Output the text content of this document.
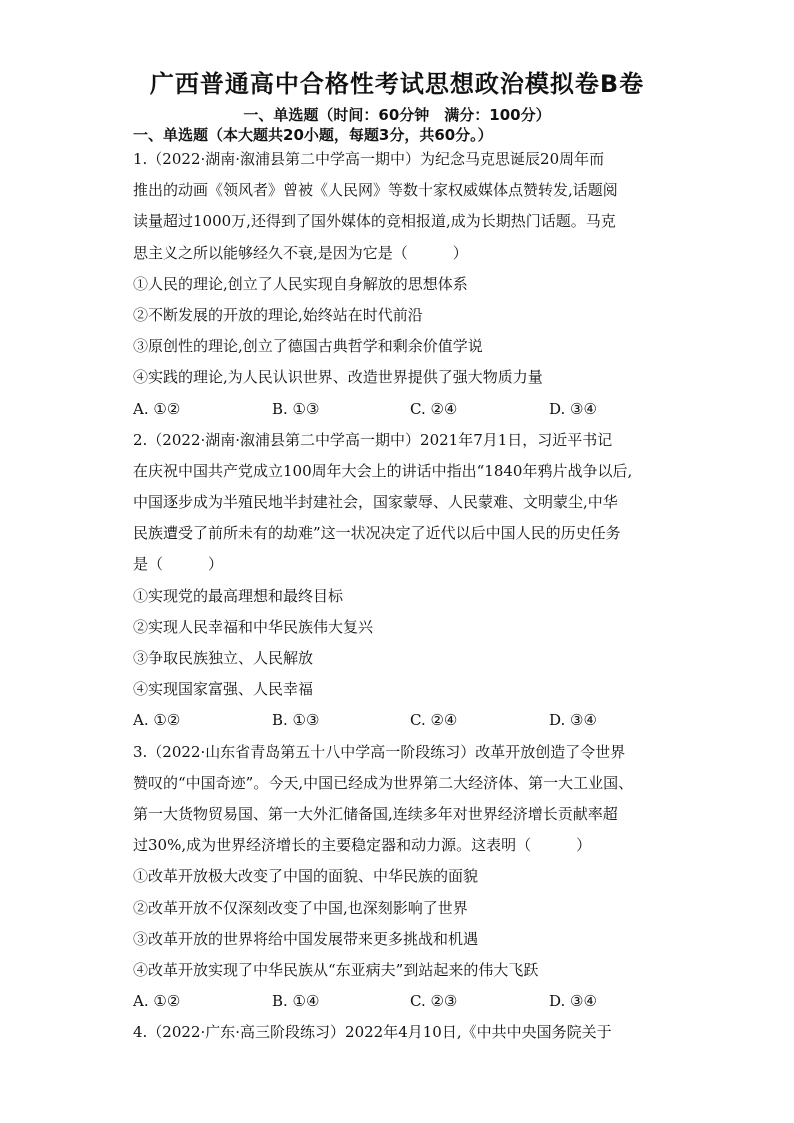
广西普通高中合格性考试思想政治模拟卷B卷
一、单选题（时间：60分钟　满分：100分）
一、单选题（本大题共20小题，每题3分，共60分。）
1.（2022·湖南·溆浦县第二中学高一期中）为纪念马克思诞辰20周年而
推出的动画《领风者》曾被《人民网》等数十家权威媒体点赞转发,话题阅
读量超过1000万,还得到了国外媒体的竞相报道,成为长期热门话题。马克
思主义之所以能够经久不衰,是因为它是（　　　）
①人民的理论,创立了人民实现自身解放的思想体系
②不断发展的开放的理论,始终站在时代前沿
③原创性的理论,创立了德国古典哲学和剩余价值学说
④实践的理论,为人民认识世界、改造世界提供了强大物质力量
A. ①②	B. ①③	C. ②④	D. ③④
2.（2022·湖南·溆浦县第二中学高一期中）2021年7月1日，习近平书记
在庆祝中国共产党成立100周年大会上的讲话中指出“1840年鸦片战争以后,
中国逐步成为半殖民地半封建社会，国家蒙辱、人民蒙难、文明蒙尘,中华
民族遭受了前所未有的劫难”这一状况决定了近代以后中国人民的历史任务
是（　　　）
①实现党的最高理想和最终目标
②实现人民幸福和中华民族伟大复兴
③争取民族独立、人民解放
④实现国家富强、人民幸福
A. ①②	B. ①③	C. ②④	D. ③④
3.（2022·山东省青岛第五十八中学高一阶段练习）改革开放创造了令世界
赞叹的“中国奇迹”。今天,中国已经成为世界第二大经济体、第一大工业国、
第一大货物贸易国、第一大外汇储备国,连续多年对世界经济增长贡献率超
过30%,成为世界经济增长的主要稳定器和动力源。这表明（　　　）
①改革开放极大改变了中国的面貌、中华民族的面貌
②改革开放不仅深刻改变了中国,也深刻影响了世界
③改革开放的世界将给中国发展带来更多挑战和机遇
④改革开放实现了中华民族从“东亚病夫”到站起来的伟大飞跃
A. ①②	B. ①④	C. ②③	D. ③④
4.（2022·广东·高三阶段练习）2022年4月10日,《中共中央国务院关于
